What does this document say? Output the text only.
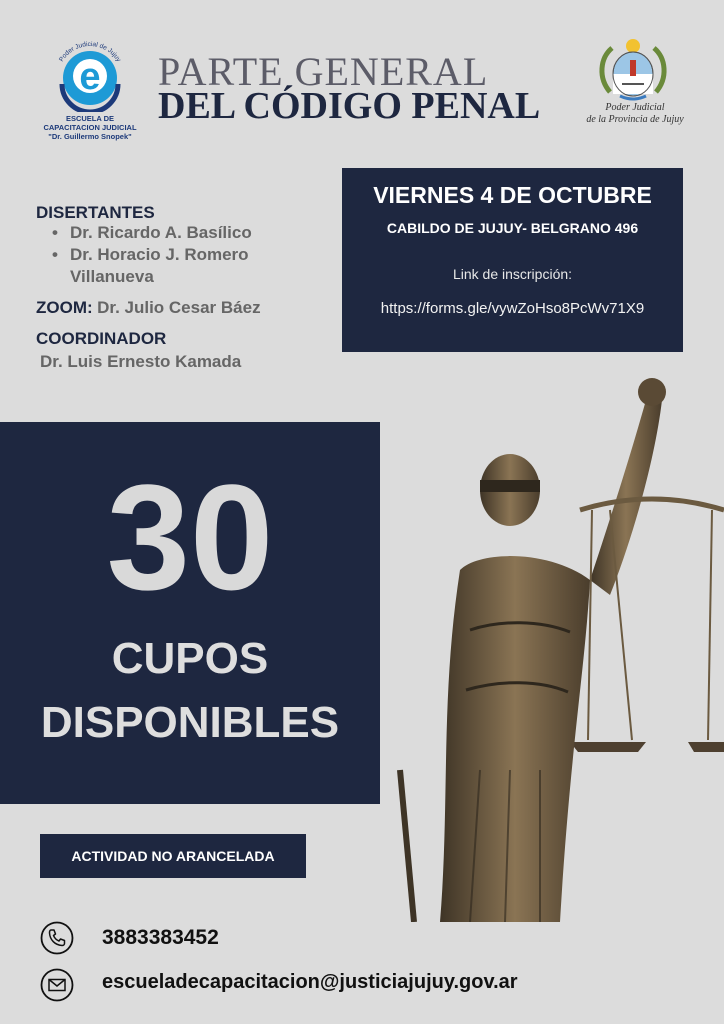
Poder Judicial de Jujuy
e
ESCUELA DE
CAPACITACION JUDICIAL
"Dr. Guillermo Snopek"
PARTE GENERAL
DEL CÓDIGO PENAL	Poder Judicial
de la Provincia de Jujuy
DISERTANTES
• Dr. Ricardo A. Basílico
• Dr. Horacio J. Romero Villanueva
ZOOM: Dr. Julio Cesar Báez
COORDINADOR
Dr. Luis Ernesto Kamada
VIERNES 4 DE OCTUBRE
CABILDO DE JUJUY- BELGRANO 496
Link de inscripción:
https://forms.gle/vywZoHso8PcWv71X9
30
CUPOS
DISPONIBLES
ACTIVIDAD NO ARANCELADA
3883383452
escueladecapacitacion@justiciajujuy.gov.ar
